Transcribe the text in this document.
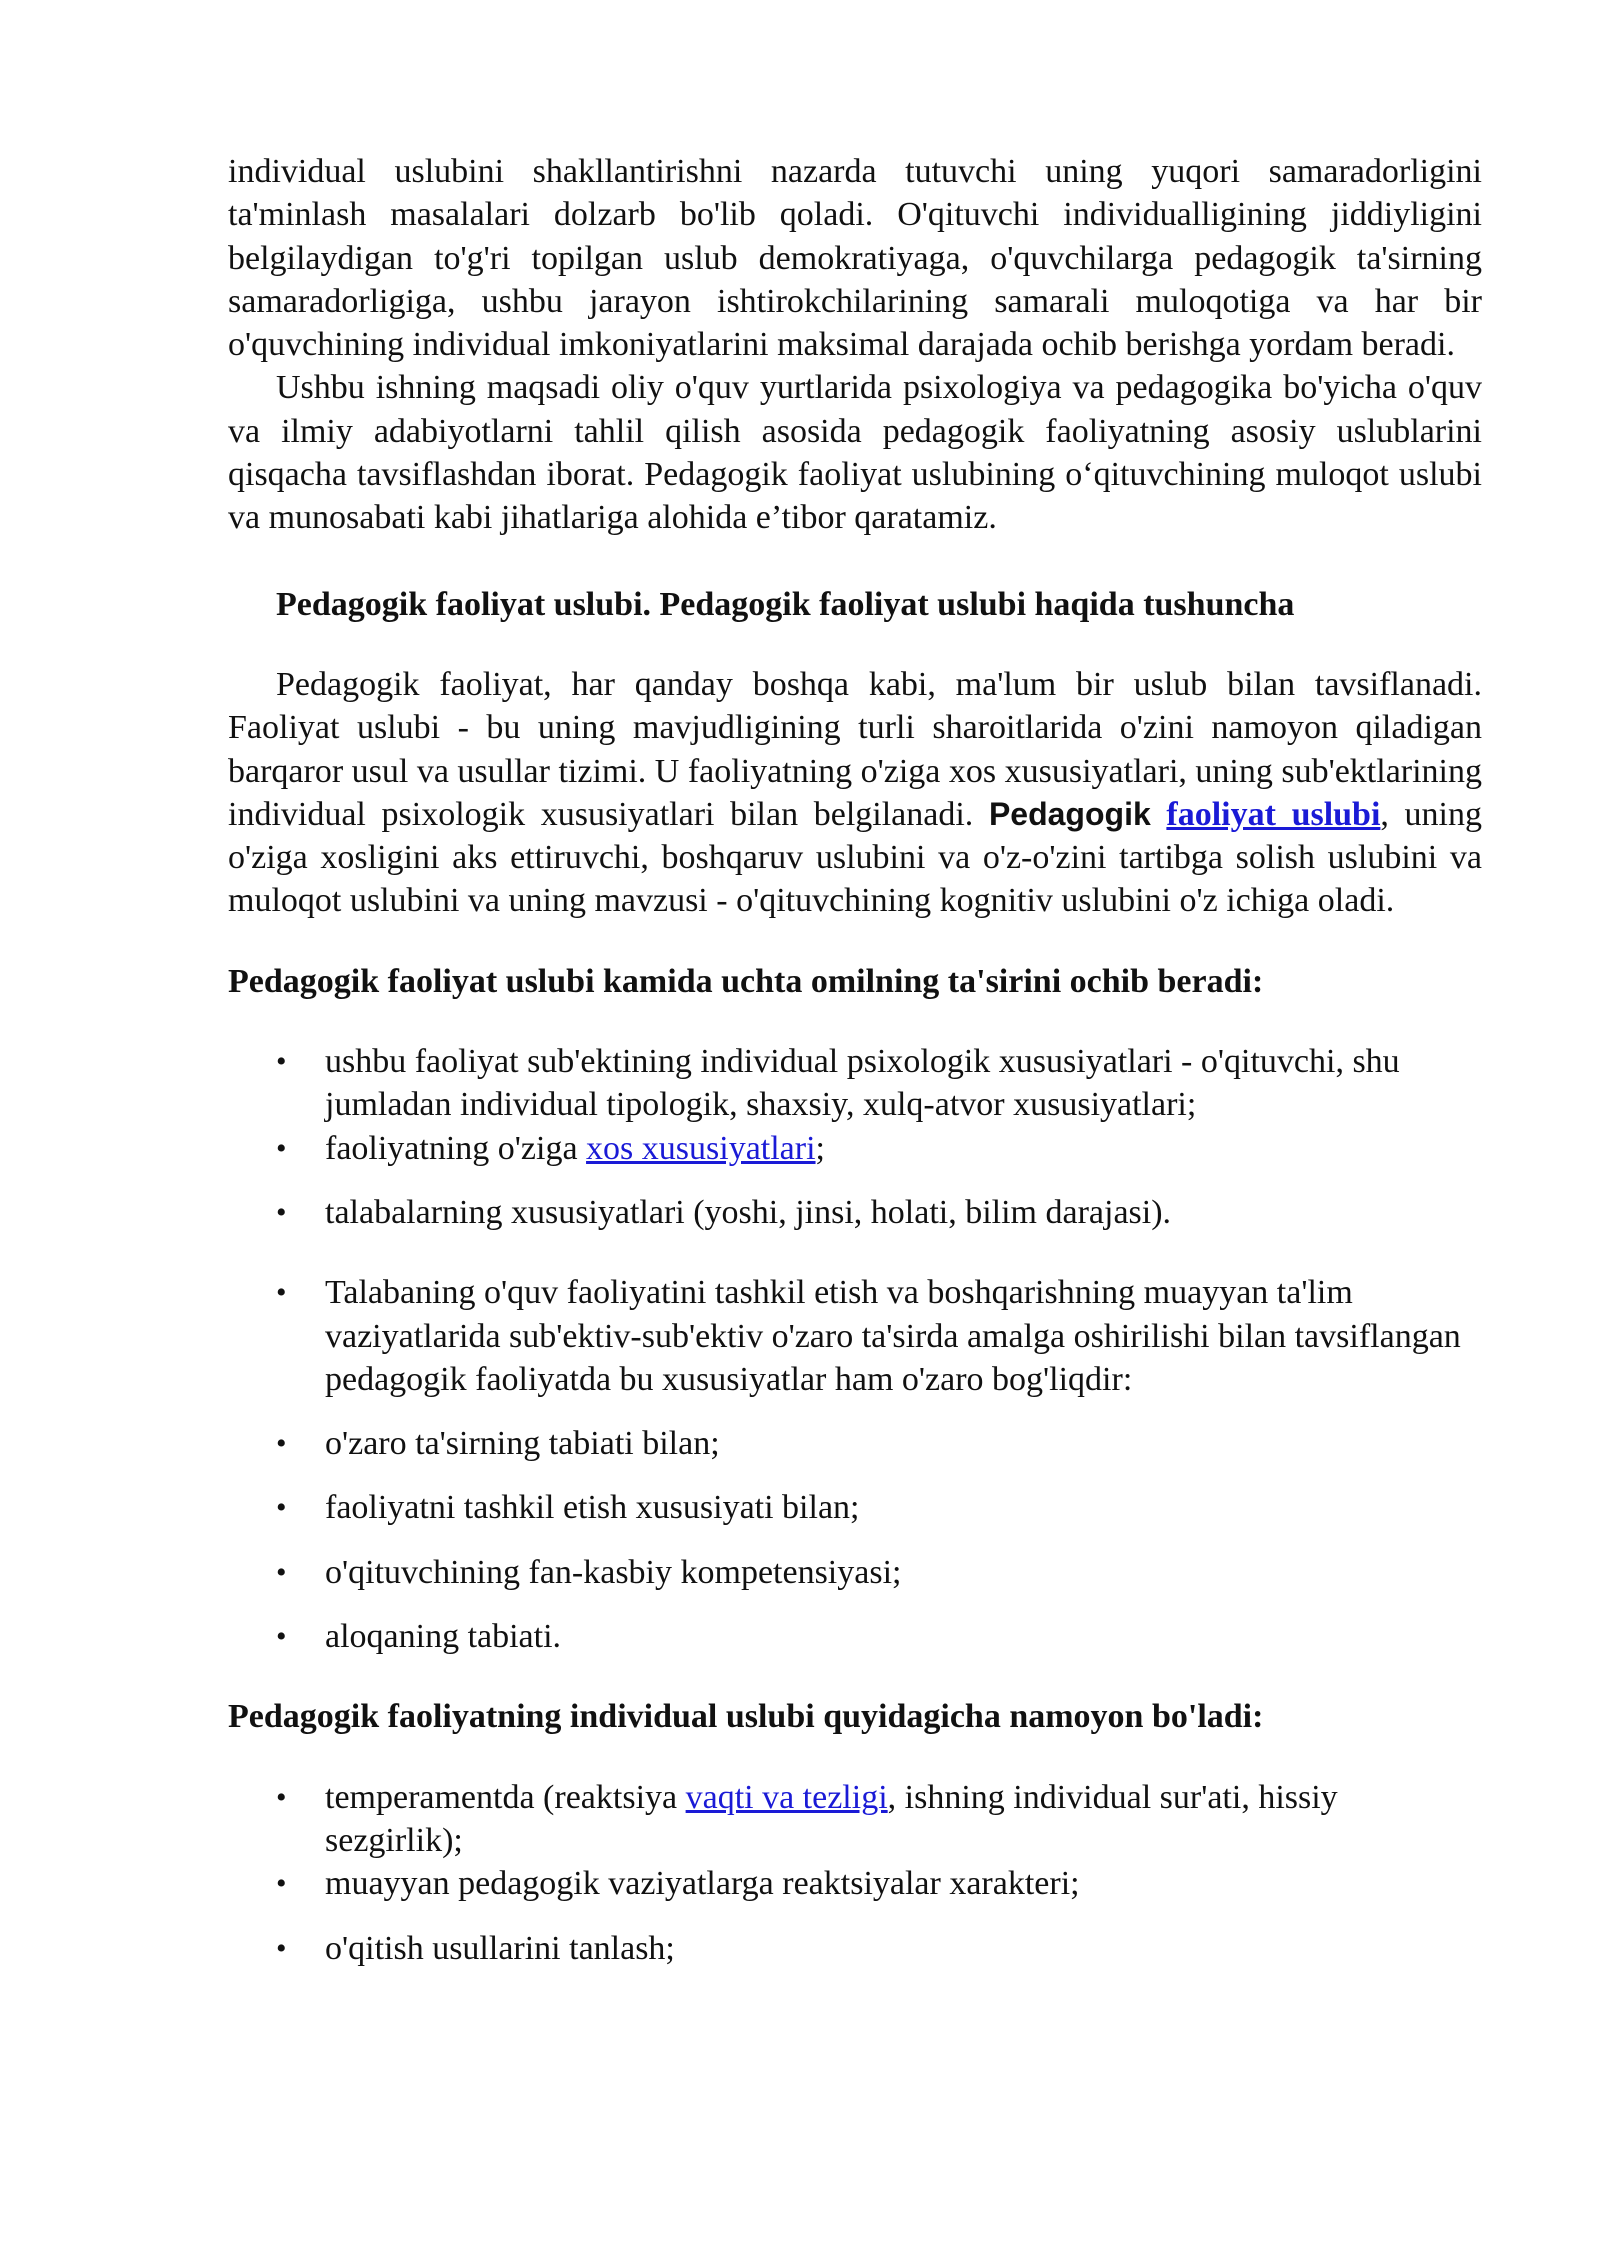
individual uslubini shakllantirishni nazarda tutuvchi uning yuqori samaradorligini ta'minlash masalalari dolzarb bo'lib qoladi. O'qituvchi individualligining jiddiyligini belgilaydigan to'g'ri topilgan uslub demokratiyaga, o'quvchilarga pedagogik ta'sirning samaradorligiga, ushbu jarayon ishtirokchilarining samarali muloqotiga va har bir o'quvchining individual imkoniyatlarini maksimal darajada ochib berishga yordam beradi.

Ushbu ishning maqsadi oliy o'quv yurtlarida psixologiya va pedagogika bo'yicha o'quv va ilmiy adabiyotlarni tahlil qilish asosida pedagogik faoliyatning asosiy uslublarini qisqacha tavsiflashdan iborat. Pedagogik faoliyat uslubining o‘qituvchining muloqot uslubi va munosabati kabi jihatlariga alohida e’tibor qaratamiz.

Pedagogik faoliyat uslubi. Pedagogik faoliyat uslubi haqida tushuncha

Pedagogik faoliyat, har qanday boshqa kabi, ma'lum bir uslub bilan tavsiflanadi. Faoliyat uslubi - bu uning mavjudligining turli sharoitlarida o'zini namoyon qiladigan barqaror usul va usullar tizimi. U faoliyatning o'ziga xos xususiyatlari, uning sub'ektlarining individual psixologik xususiyatlari bilan belgilanadi. Pedagogik faoliyat uslubi, uning o'ziga xosligini aks ettiruvchi, boshqaruv uslubini va o'z-o'zini tartibga solish uslubini va muloqot uslubini va uning mavzusi - o'qituvchining kognitiv uslubini o'z ichiga oladi.

Pedagogik faoliyat uslubi kamida uchta omilning ta'sirini ochib beradi:

• ushbu faoliyat sub'ektining individual psixologik xususiyatlari - o'qituvchi, shu jumladan individual tipologik, shaxsiy, xulq-atvor xususiyatlari;
• faoliyatning o'ziga xos xususiyatlari;
• talabalarning xususiyatlari (yoshi, jinsi, holati, bilim darajasi).
• Talabaning o'quv faoliyatini tashkil etish va boshqarishning muayyan ta'lim vaziyatlarida sub'ektiv-sub'ektiv o'zaro ta'sirda amalga oshirilishi bilan tavsiflangan pedagogik faoliyatda bu xususiyatlar ham o'zaro bog'liqdir:
• o'zaro ta'sirning tabiati bilan;
• faoliyatni tashkil etish xususiyati bilan;
• o'qituvchining fan-kasbiy kompetensiyasi;
• aloqaning tabiati.

Pedagogik faoliyatning individual uslubi quyidagicha namoyon bo'ladi:

• temperamentda (reaktsiya vaqti va tezligi, ishning individual sur'ati, hissiy sezgirlik);
• muayyan pedagogik vaziyatlarga reaktsiyalar xarakteri;
• o'qitish usullarini tanlash;
